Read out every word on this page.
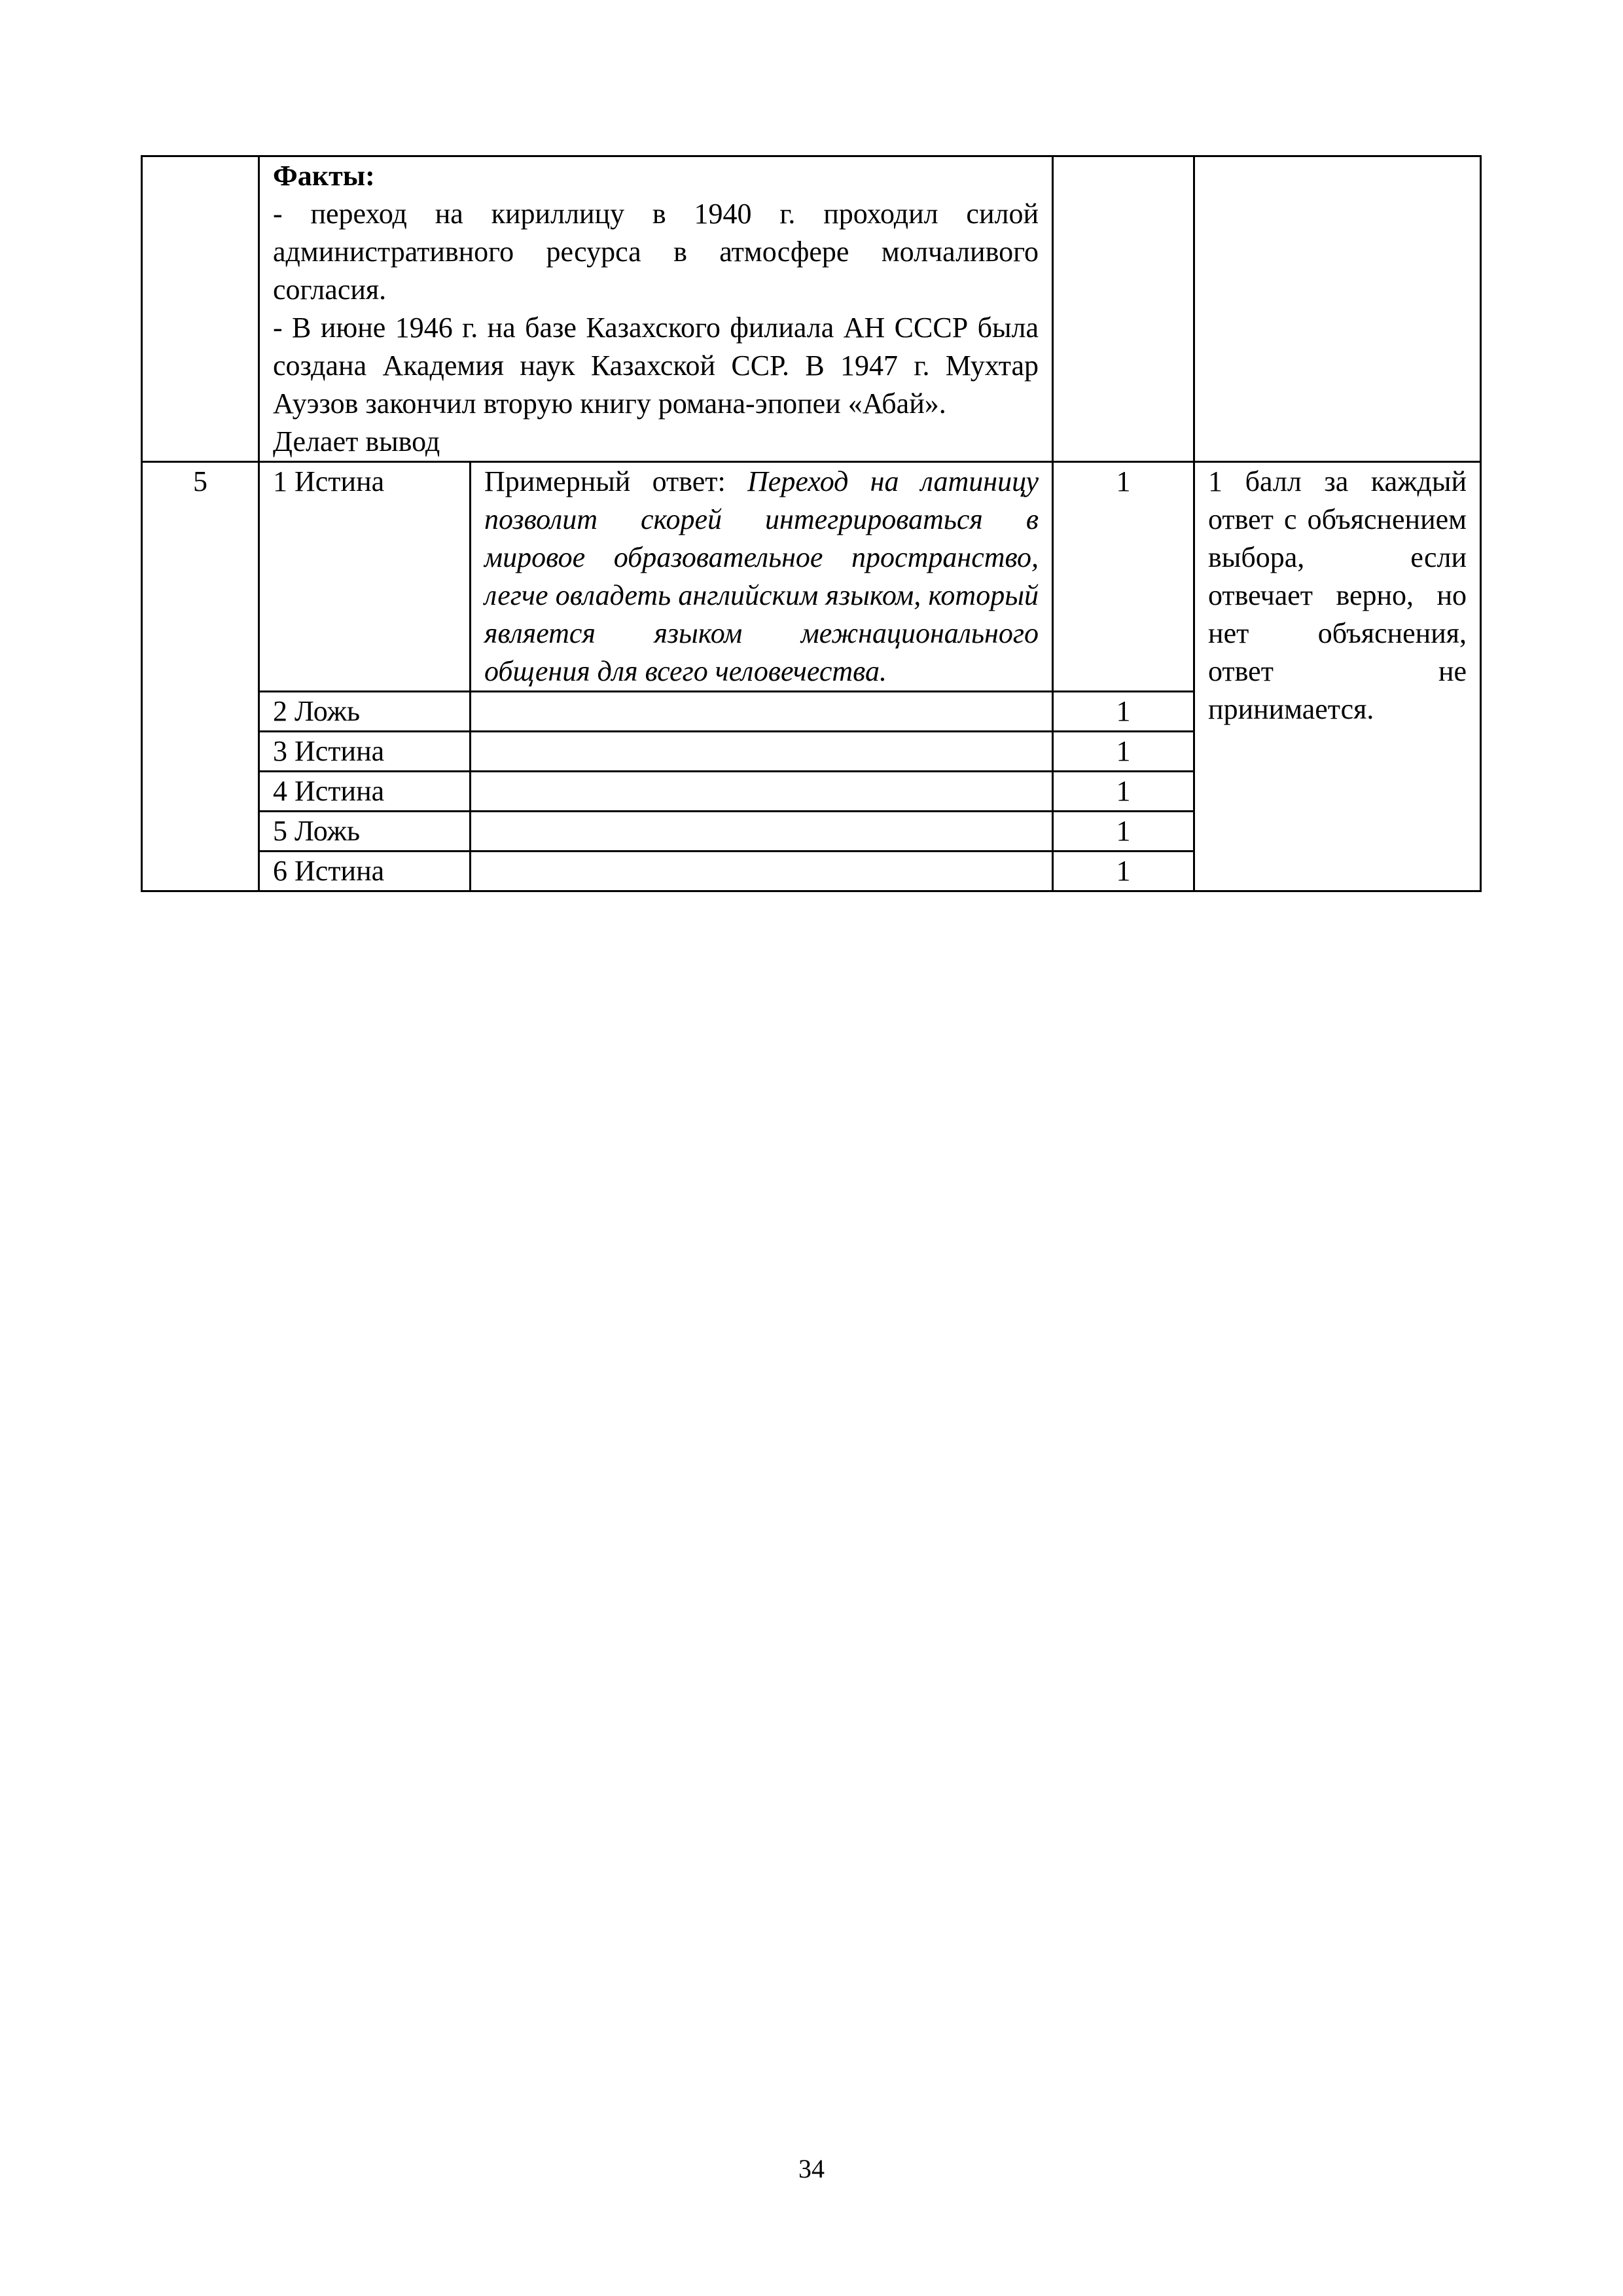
	Факты:
- переход на кириллицу в 1940 г. проходил силой административного ресурса в атмосфере молчаливого согласия.
- В июне 1946 г. на базе Казахского филиала АН СССР была создана Академия наук Казахской ССР. В 1947 г. Мухтар Ауэзов закончил вторую книгу романа-эпопеи «Абай».
Делает вывод			

5	1 Истина	Примерный ответ: Переход на латиницу позволит скорей интегрироваться в мировое образовательное пространство, легче овладеть английским языком, который является языком межнационального общения для всего человечества.	1	1 балл за каждый ответ с объяснением выбора, если отвечает верно, но нет объяснения, ответ не принимается.
	2 Ложь		1	
	3 Истина		1	
	4 Истина		1	
	5 Ложь		1	
	6 Истина		1	
34
